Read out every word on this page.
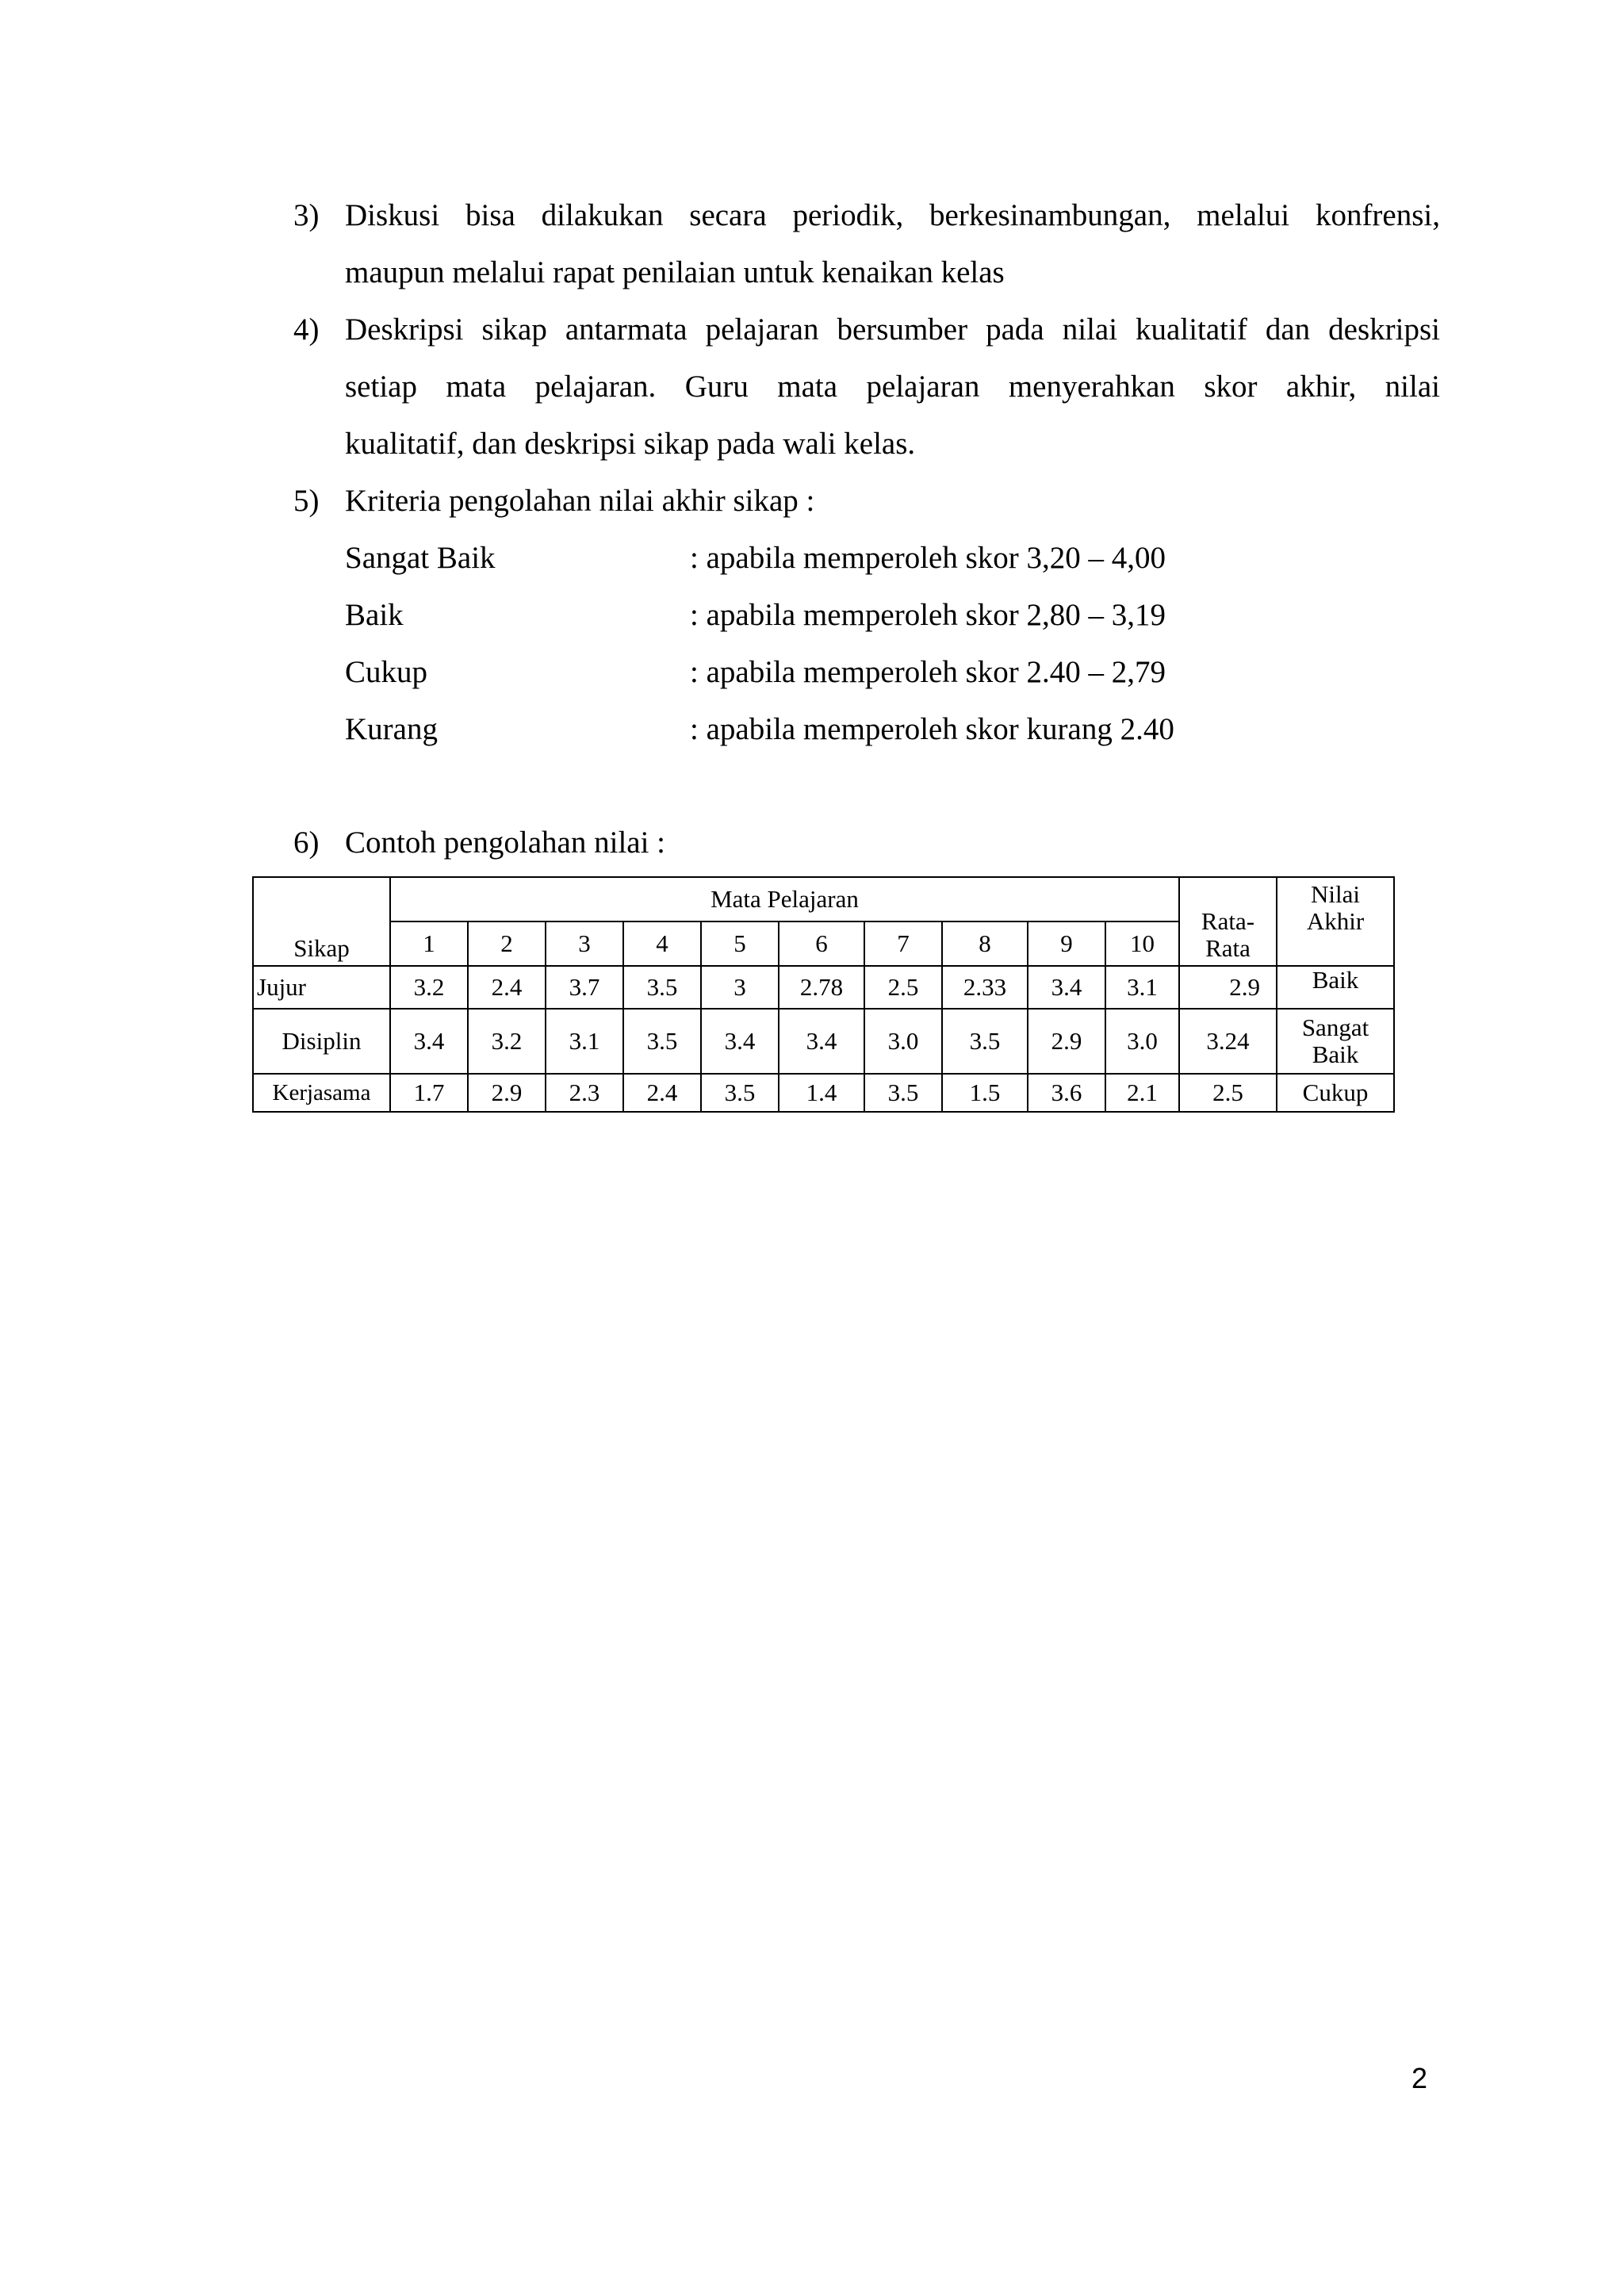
3) Diskusi bisa dilakukan secara periodik, berkesinambungan, melalui konfrensi,
maupun melalui rapat penilaian untuk kenaikan kelas
4) Deskripsi sikap antarmata pelajaran bersumber pada nilai kualitatif dan deskripsi
setiap mata pelajaran. Guru mata pelajaran menyerahkan skor akhir, nilai
kualitatif, dan deskripsi sikap pada wali kelas.
5) Kriteria pengolahan nilai akhir sikap :
Sangat Baik	: apabila memperoleh skor 3,20 – 4,00
Baik	: apabila memperoleh skor 2,80 – 3,19
Cukup	: apabila memperoleh skor 2.40 – 2,79
Kurang	: apabila memperoleh skor kurang 2.40
6) Contoh pengolahan nilai :
Sikap	Mata Pelajaran										Rata-Rata	Nilai Akhir
	1	2	3	4	5	6	7	8	9	10		
Jujur	3.2	2.4	3.7	3.5	3	2.78	2.5	2.33	3.4	3.1	2.9	Baik
Disiplin	3.4	3.2	3.1	3.5	3.4	3.4	3.0	3.5	2.9	3.0	3.24	Sangat Baik
Kerjasama	1.7	2.9	2.3	2.4	3.5	1.4	3.5	1.5	3.6	2.1	2.5	Cukup
2
